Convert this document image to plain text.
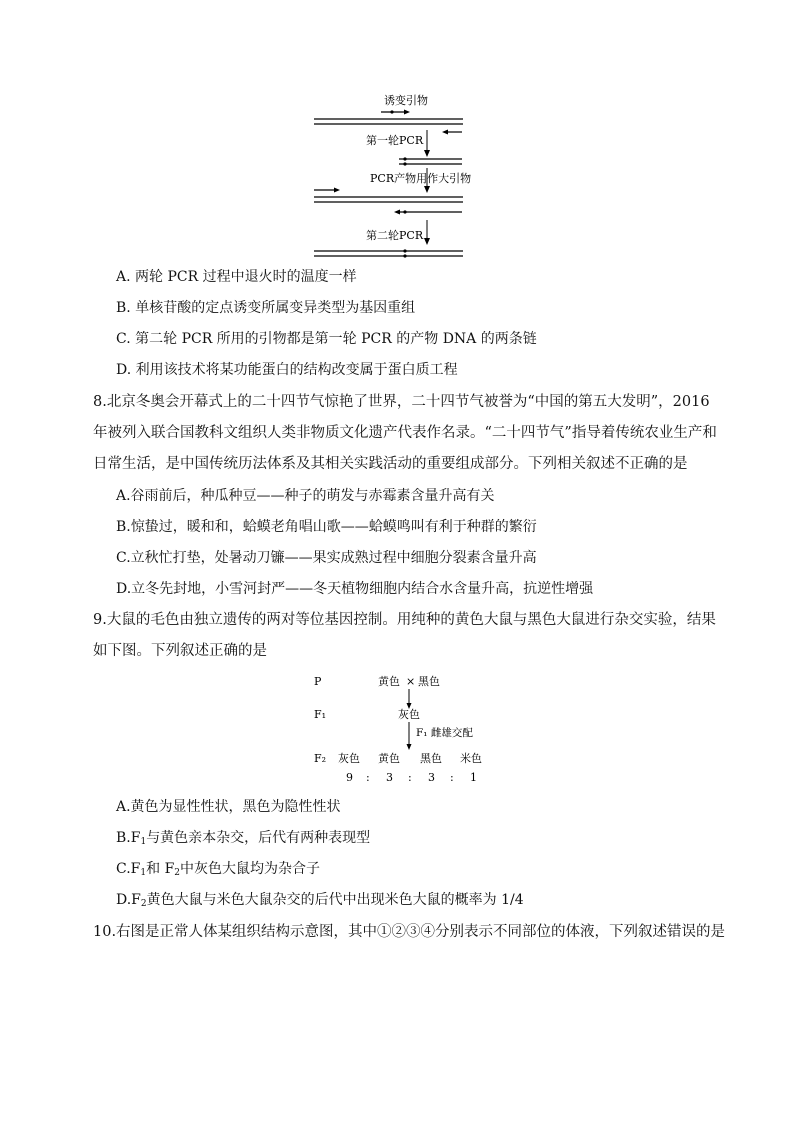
诱变引物
第一轮PCR
PCR产物用作大引物
第二轮PCR
A. 两轮 PCR 过程中退火时的温度一样
B. 单核苷酸的定点诱变所属变异类型为基因重组
C. 第二轮 PCR 所用的引物都是第一轮 PCR 的产物 DNA 的两条链
D. 利用该技术将某功能蛋白的结构改变属于蛋白质工程
8.北京冬奥会开幕式上的二十四节气惊艳了世界，二十四节气被誉为“中国的第五大发明”，2016
年被列入联合国教科文组织人类非物质文化遗产代表作名录。“二十四节气”指导着传统农业生产和
日常生活，是中国传统历法体系及其相关实践活动的重要组成部分。下列相关叙述不正确的是
A.谷雨前后，种瓜种豆——种子的萌发与赤霉素含量升高有关
B.惊蛰过，暖和和，蛤蟆老角唱山歌——蛤蟆鸣叫有利于种群的繁衍
C.立秋忙打垫，处暑动刀镰——果实成熟过程中细胞分裂素含量升高
D.立冬先封地，小雪河封严——冬天植物细胞内结合水含量升高，抗逆性增强
9.大鼠的毛色由独立遗传的两对等位基因控制。用纯种的黄色大鼠与黑色大鼠进行杂交实验，结果
如下图。下列叙述正确的是
P	黄色 × 黑色
F₁	灰色
F₁ 雌雄交配
F₂ 灰色 黄色 黑色 米色
9 : 3 : 3 : 1
A.黄色为显性性状，黑色为隐性性状
$B.F_1$与黄色亲本杂交，后代有两种表现型
$C.F_1$和 $F_2$中灰色大鼠均为杂合子
$D.F_2$黄色大鼠与米色大鼠杂交的后代中出现米色大鼠的概率为 1/4
10.右图是正常人体某组织结构示意图，其中①②③④分别表示不同部位的体液，下列叙述错误的是
